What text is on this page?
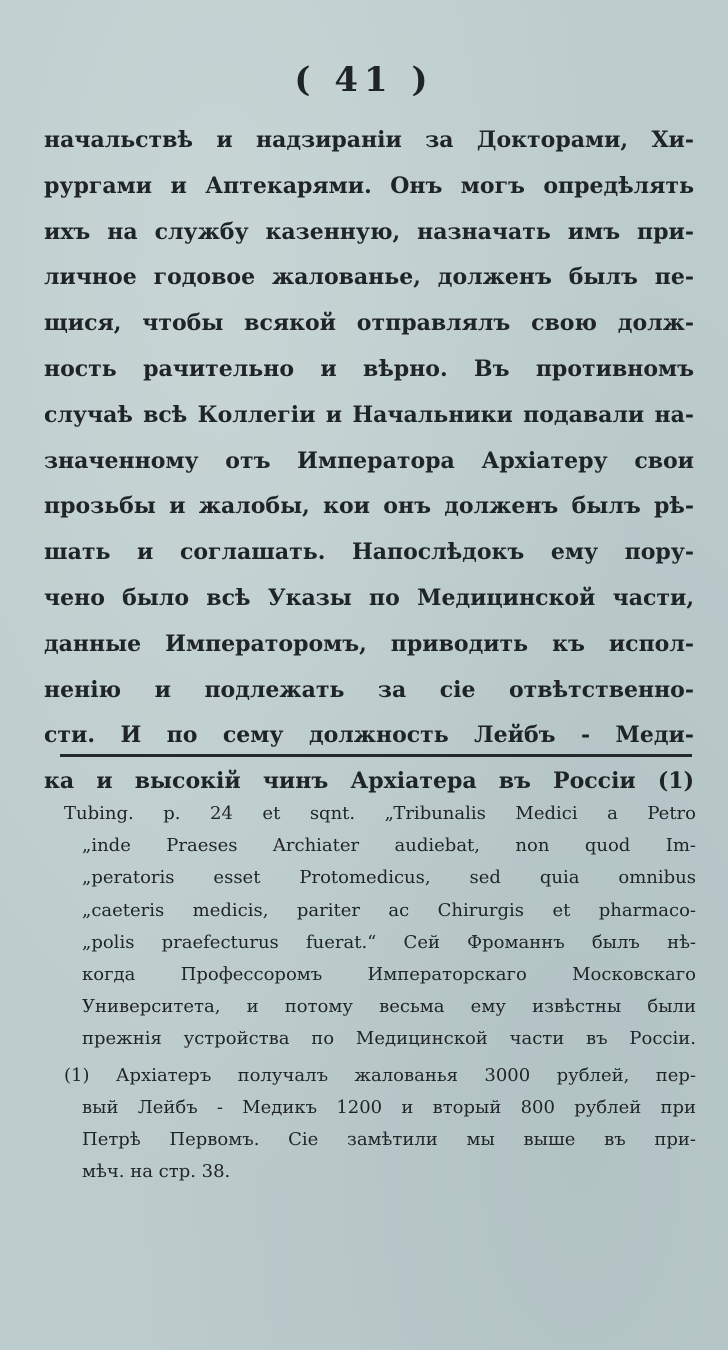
( 41 )
начальствѣ и надзираніи за Докторами, Хи-
рургами и Аптекарями. Онъ могъ опредѣлять
ихъ на службу казенную, назначать имъ при-
личное годовое жалованье, долженъ былъ пе-
щися, чтобы всякой отправлялъ свою долж-
ность рачительно и вѣрно. Въ противномъ
случаѣ всѣ Коллегіи и Начальники подавали на-
значенному отъ Императора Архіатеру свои
прозьбы и жалобы, кои онъ долженъ былъ рѣ-
шать и соглашать. Напослѣдокъ ему пору-
чено было всѣ Указы по Медицинской части,
данные Императоромъ, приводить къ испол-
ненію и подлежать за сіе отвѣтственно-
сти. И по сему должность Лейбъ - Меди-
ка и высокій чинъ Архіатера въ Россіи (1)
Tubing. p. 24 et sqnt. „Tribunalis Medici a Petro
„inde Praeses Archiater audiebat, non quod Im-
„peratoris esset Protomedicus, sed quia omnibus
„caeteris medicis, pariter ac Chirurgis et pharmaco-
„polis praefecturus fuerat.“ Сей Фроманнъ былъ нѣ-
когда Профессоромъ Императорскаго Московскаго
Университета, и потому весьма ему извѣстны были
прежнія устройства по Медицинской части въ Россіи.
(1) Архіатеръ получалъ жалованья 3000 рублей, пер-
вый Лейбъ - Медикъ 1200 и вторый 800 рублей при
Петрѣ Первомъ. Сіе замѣтили мы выше въ при-
мѣч. на стр. 38.
